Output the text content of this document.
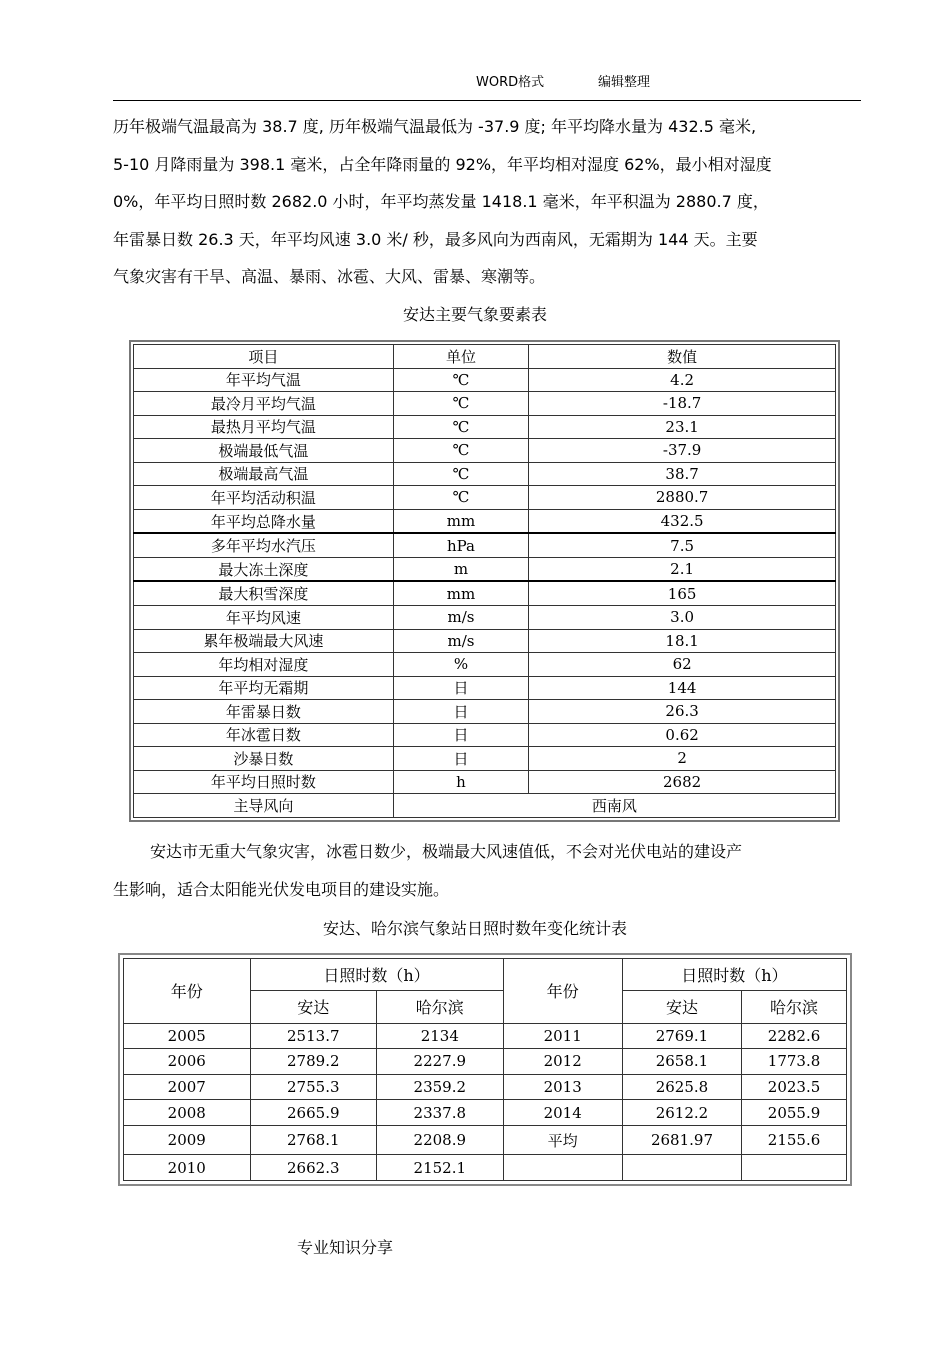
WORD格式	编辑整理

历年极端气温最高为 38.7 度, 历年极端气温最低为 -37.9 度; 年平均降水量为 432.5 毫米,

5-10 月降雨量为 398.1 毫米，占全年降雨量的 92%，年平均相对湿度 62%，最小相对湿度

0%，年平均日照时数 2682.0 小时，年平均蒸发量 1418.1 毫米，年平积温为 2880.7 度，

年雷暴日数 26.3 天，年平均风速 3.0 米/ 秒，最多风向为西南风，无霜期为 144 天。主要

气象灾害有干旱、高温、暴雨、冰雹、大风、雷暴、寒潮等。

安达主要气象要素表
项目	单位	数值
年平均气温	℃	4.2
最冷月平均气温	℃	-18.7
最热月平均气温	℃	23.1
极端最低气温	℃	-37.9
极端最高气温	℃	38.7
年平均活动积温	℃	2880.7
年平均总降水量	mm	432.5
多年平均水汽压	hPa	7.5
最大冻土深度	m	2.1
最大积雪深度	mm	165
年平均风速	m/s	3.0
累年极端最大风速	m/s	18.1
年均相对湿度	%	62
年平均无霜期	日	144
年雷暴日数	日	26.3
年冰雹日数	日	0.62
沙暴日数	日	2
年平均日照时数	h	2682
主导风向	西南风	

安达市无重大气象灾害，冰雹日数少，极端最大风速值低，不会对光伏电站的建设产

生影响，适合太阳能光伏发电项目的建设实施。

安达、哈尔滨气象站日照时数年变化统计表
年份	日照时数（h）		年份	日照时数（h）	
	安达	哈尔滨		安达	哈尔滨
2005	2513.7	2134	2011	2769.1	2282.6
2006	2789.2	2227.9	2012	2658.1	1773.8
2007	2755.3	2359.2	2013	2625.8	2023.5
2008	2665.9	2337.8	2014	2612.2	2055.9
2009	2768.1	2208.9	平均	2681.97	2155.6
2010	2662.3	2152.1			
专业知识分享
